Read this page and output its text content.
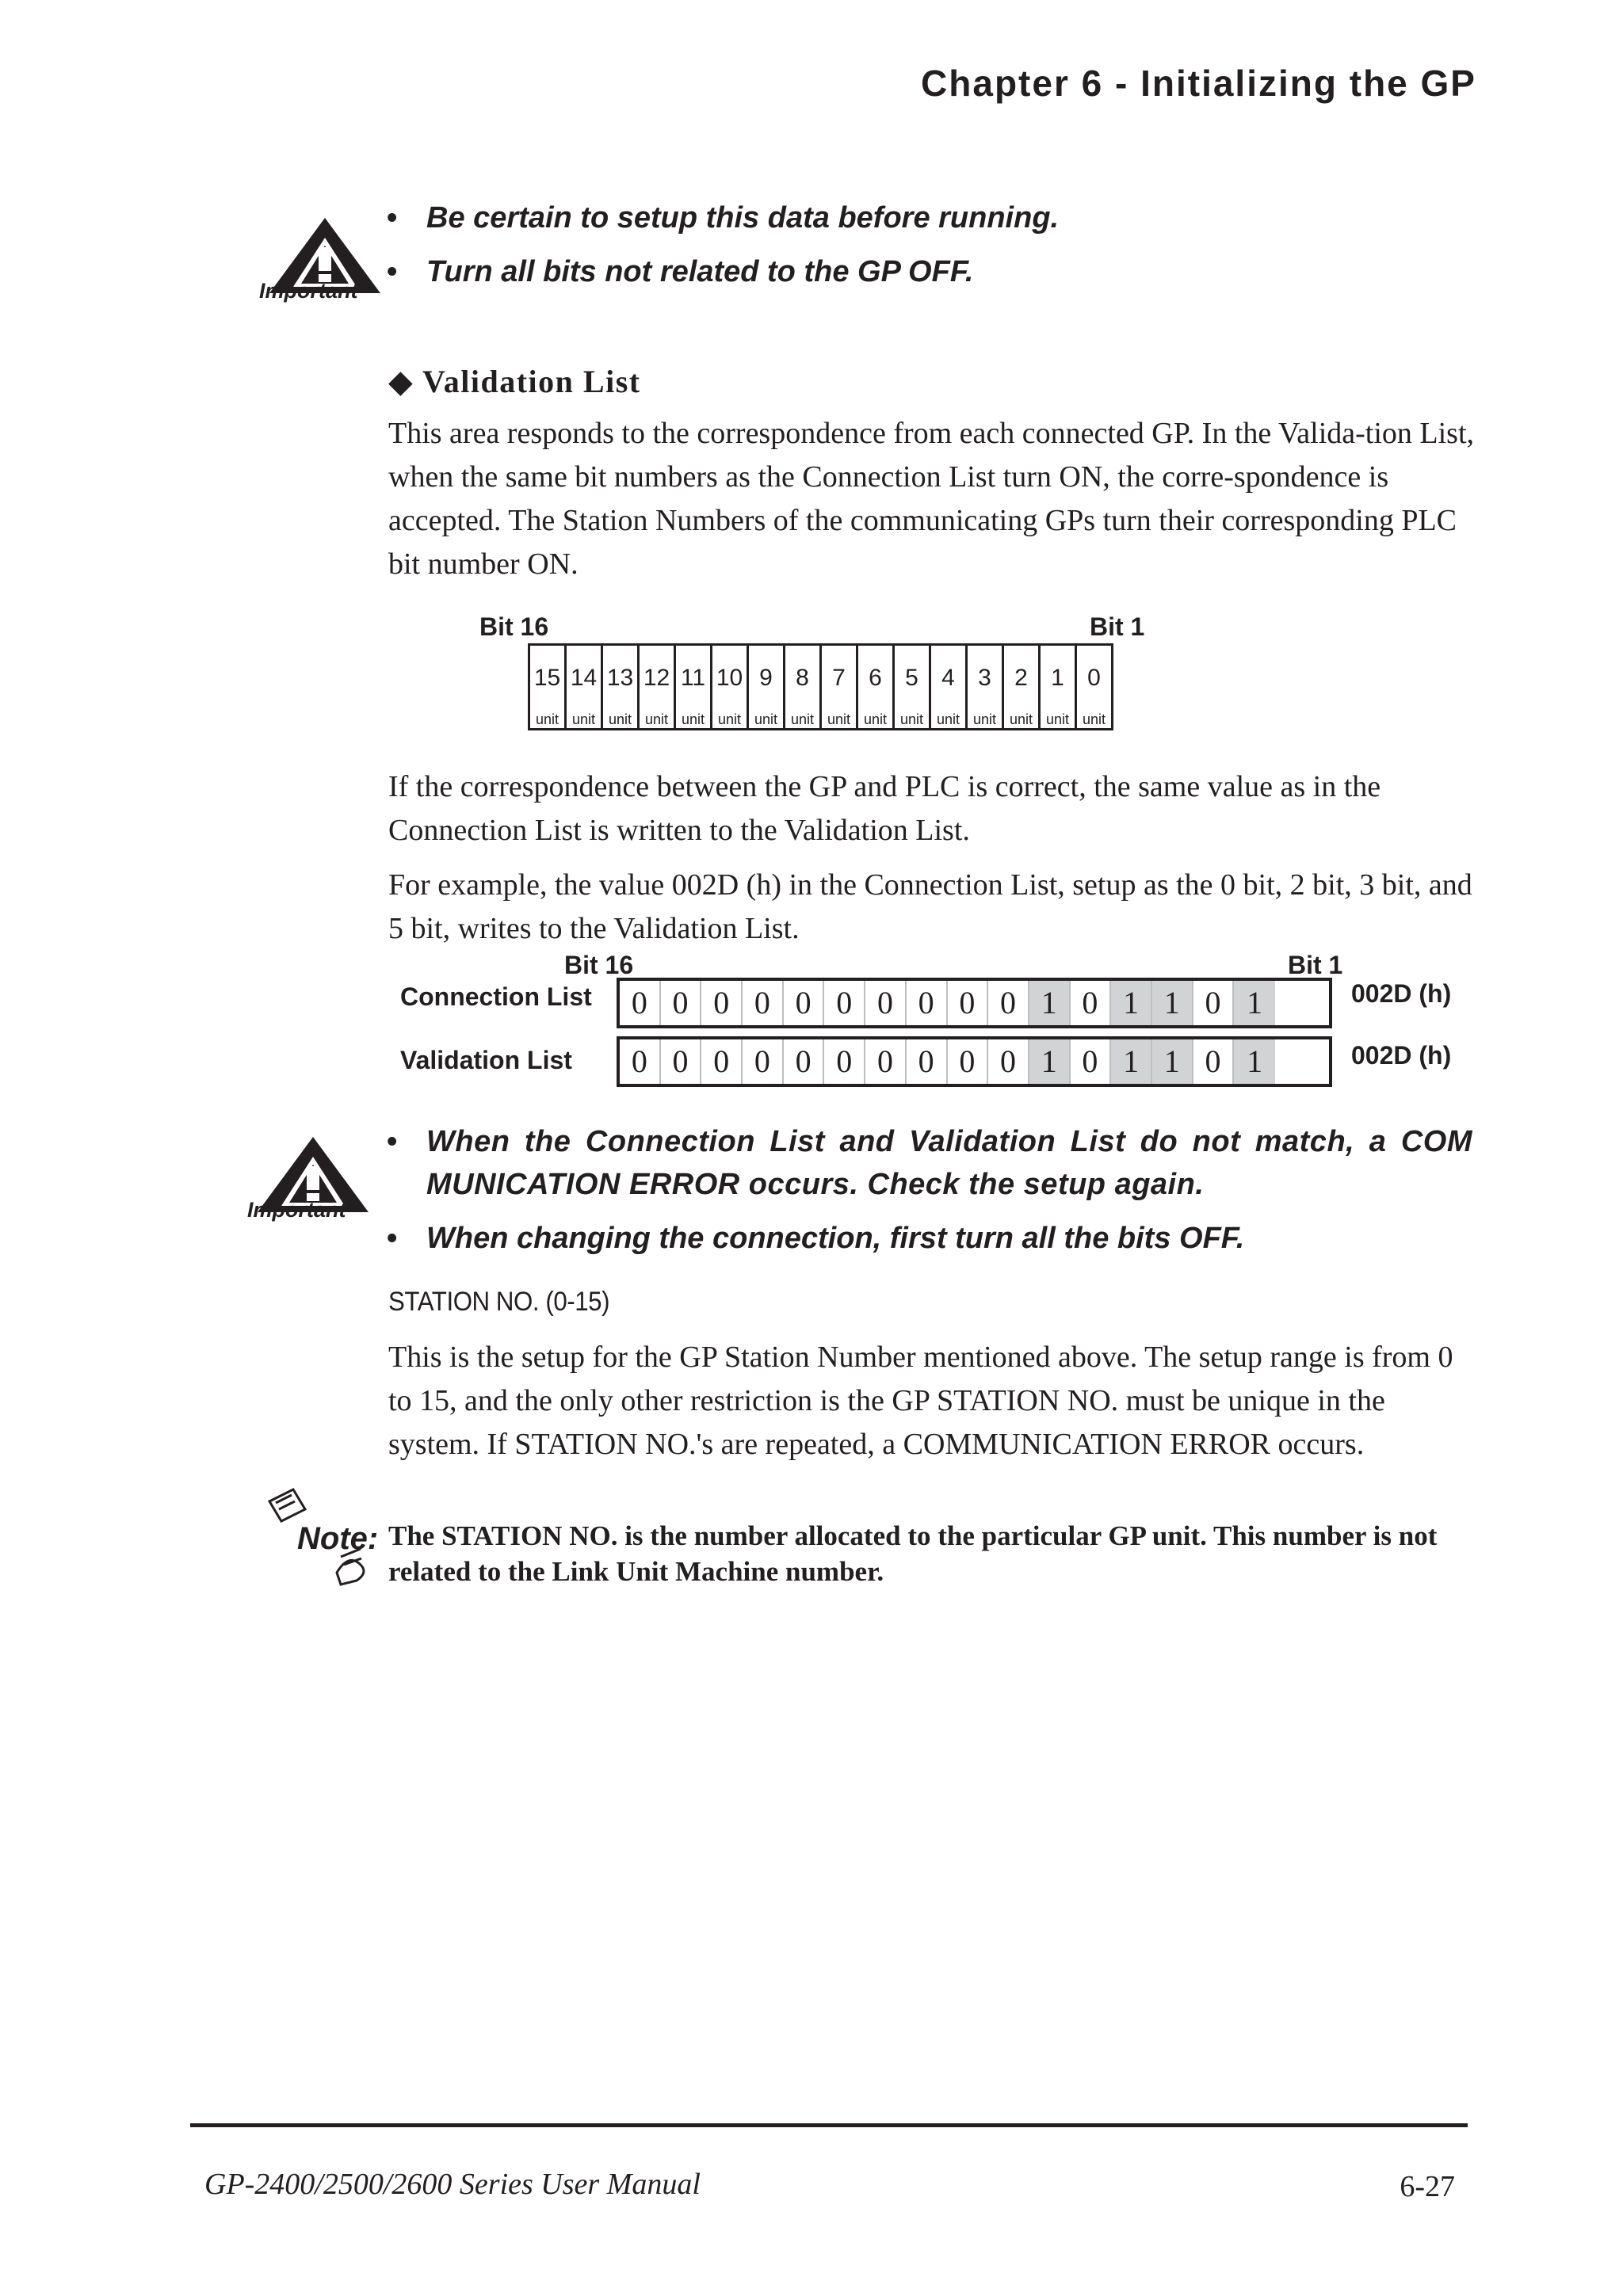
Chapter 6 - Initializing the GP
Important
• Be certain to setup this data before running.
• Turn all bits not related to the GP OFF.
◆ Validation List
This area responds to the correspondence from each connected GP. In the Valida-tion List, when the same bit numbers as the Connection List turn ON, the corre-spondence is accepted. The Station Numbers of the communicating GPs turn their corresponding PLC bit number ON.
Bit 16	Bit 1
15	14	13	12	11	10	9	8	7	6	5	4	3	2	1	0
unit	unit	unit	unit	unit	unit	unit	unit	unit	unit	unit	unit	unit	unit	unit	unit
If the correspondence between the GP and PLC is correct, the same value as in the Connection List is written to the Validation List.
For example, the value 002D (h) in the Connection List, setup as the 0 bit, 2 bit, 3 bit, and 5 bit, writes to the Validation List.
Bit 16	Bit 1
Connection List	0 0 0 0 0 0 0 0 0 0 1 0 1 1 0 1	002D (h)
Validation List	0 0 0 0 0 0 0 0 0 0 1 0 1 1 0 1	002D (h)
Important
• When the Connection List and Validation List do not match, a COM MUNICATION ERROR occurs. Check the setup again.
• When changing the connection, first turn all the bits OFF.
STATION NO. (0-15)
This is the setup for the GP Station Number mentioned above. The setup range is from 0 to 15, and the only other restriction is the GP STATION NO. must be unique in the system. If STATION NO.'s are repeated, a COMMUNICATION ERROR occurs.
Note: The STATION NO. is the number allocated to the particular GP unit. This number is not related to the Link Unit Machine number.
GP-2400/2500/2600 Series User Manual	6-27
